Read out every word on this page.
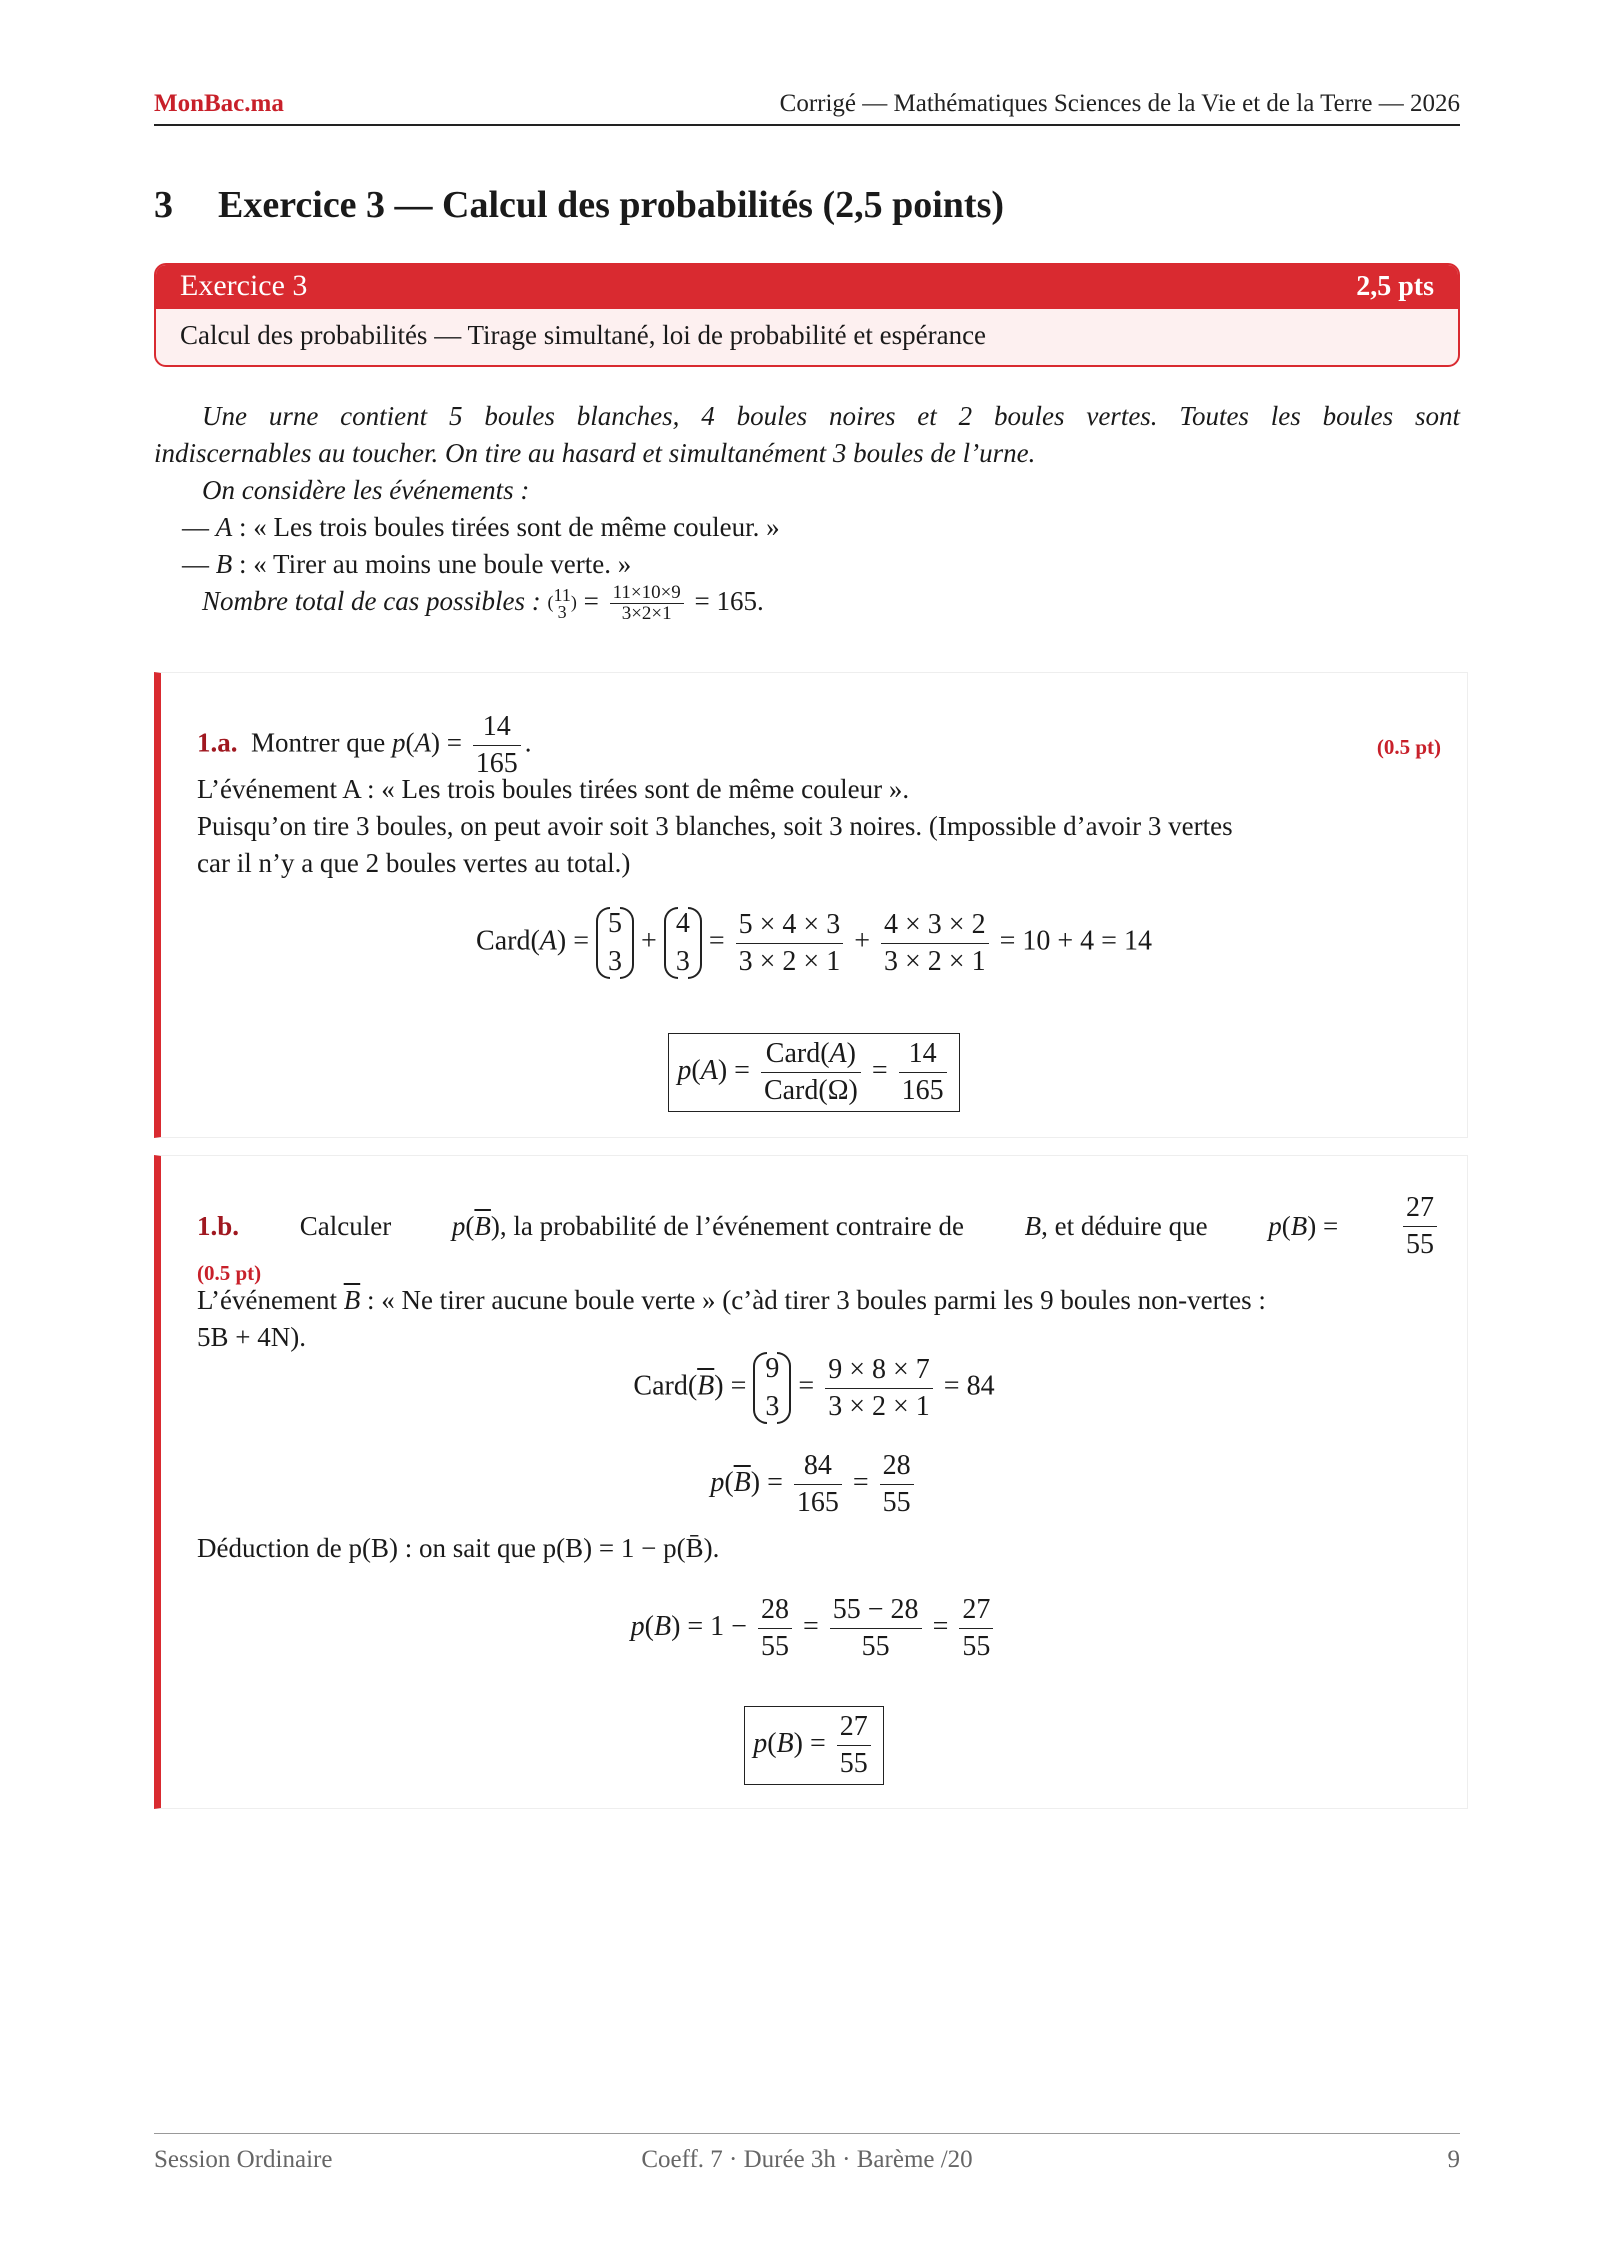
MonBac.ma	Corrigé — Mathématiques Sciences de la Vie et de la Terre — 2026
3 Exercice 3 — Calcul des probabilités (2,5 points)
Exercice 3	2,5 pts
Calcul des probabilités — Tirage simultané, loi de probabilité et espérance
Une urne contient 5 boules blanches, 4 boules noires et 2 boules vertes. Toutes les boules sont
indiscernables au toucher. On tire au hasard et simultanément 3 boules de l’urne.
On considère les événements :
— A : « Les trois boules tirées sont de même couleur. »
— B : « Tirer au moins une boule verte. »
Nombre total de cas possibles : ( 11
3 ) = $\frac{11\times 10\times 9}{3\times 2\times 1} = 165$.
1.a. Montrer que $p(A) = \frac{14}{165}$ .	(0.5 pt)
L’événement A : « Les trois boules tirées sont de même couleur ».
Puisqu’on tire 3 boules, on peut avoir soit 3 blanches, soit 3 noires. (Impossible d’avoir 3 vertes
car il n’y a que 2 boules vertes au total.)
Card(A) =
5
3
+
4
3
= $\frac{5 \times 4 \times 3}{3 \times 2 \times 1} + \frac{4 \times 3 \times 2}{3 \times 2 \times 1} = 10 + 4 = 14$
$p(A) = \frac{\text{Card(A)}}{\text{Card(Ω)}} = \frac{14}{165}$
1.b. Calculer $p(\overline{B})$, la probabilité de l’événement contraire de B, et déduire que $p(B) = \frac{27}{55}$
(0.5 pt)
L’événement $\overline{B}$ : « Ne tirer aucune boule verte » (c’àd tirer 3 boules parmi les 9 boules non-vertes :
5B + 4N).
$Card(\overline{B})$ =
9
3
= $\frac{9 \times 8 \times 7}{3 \times 2 \times 1} = 84$
$p(\overline{B}) = \frac{84}{165} = \frac{28}{55}$
Déduction de p(B) : on sait que p(B) = 1 − p(B̄).
$p(B) = 1 - \frac{28}{55} = \frac{55 - 28}{55} = \frac{27}{55}$
$p(B) = \frac{27}{55}$
Session Ordinaire	Coeff. 7 · Durée 3h · Barème /20	9
